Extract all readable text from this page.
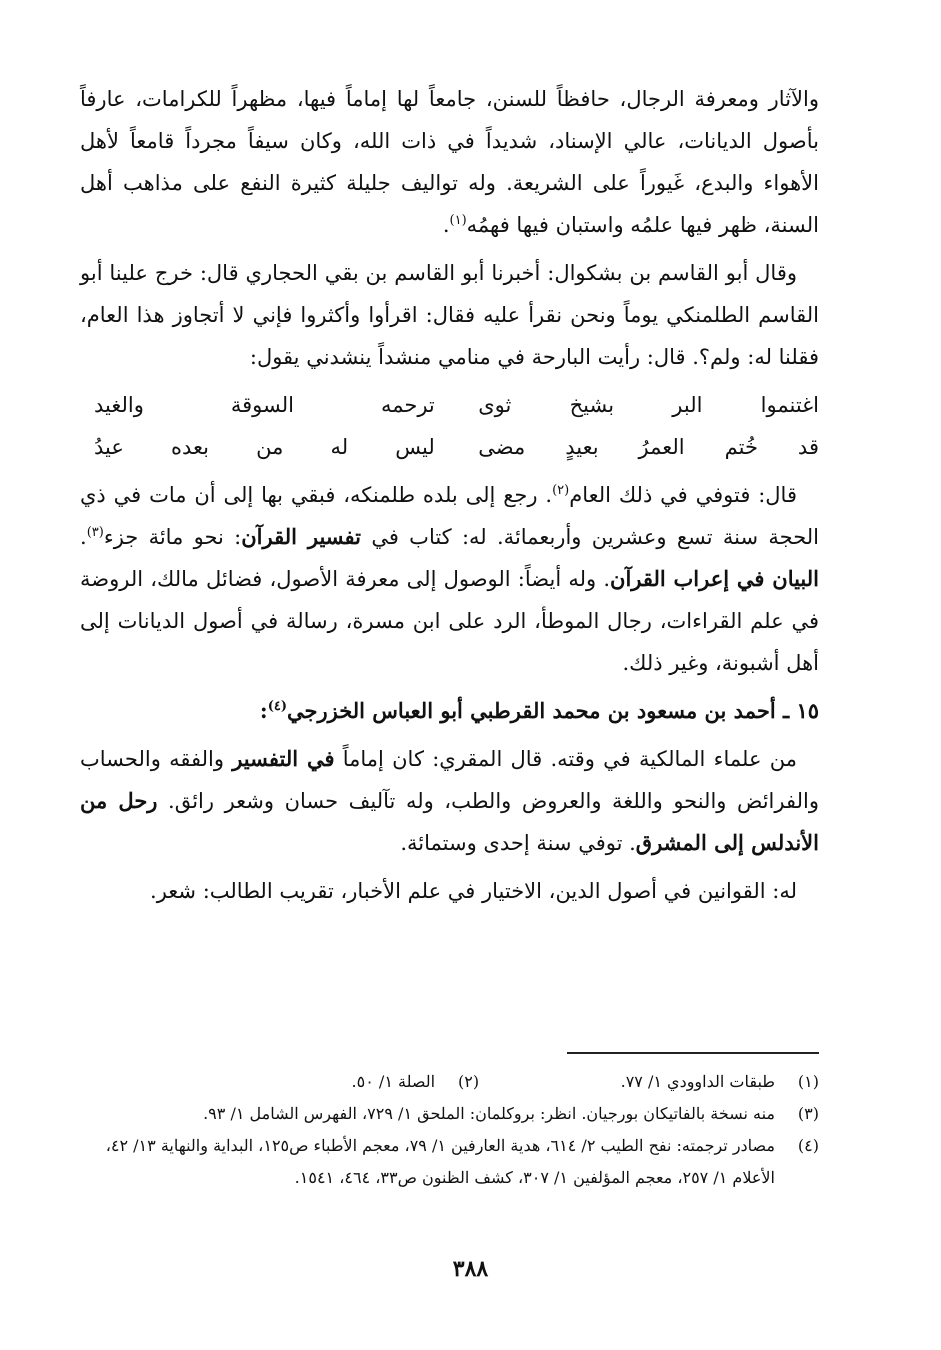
والآثار ومعرفة الرجال، حافظاً للسنن، جامعاً لها إماماً فيها، مظهراً للكرامات، عارفاً بأصول الديانات، عالي الإسناد، شديداً في ذات الله، وكان سيفاً مجرداً قامعاً لأهل الأهواء والبدع، غَيوراً على الشريعة. وله تواليف جليلة كثيرة النفع على مذاهب أهل السنة، ظهر فيها علمُه واستبان فيها فهمُه$^{(١)}$.

وقال أبو القاسم بن بشكوال: أخبرنا أبو القاسم بن بقي الحجاري قال: خرج علينا أبو القاسم الطلمنكي يوماً ونحن نقرأ عليه فقال: اقرأوا وأكثروا فإني لا أتجاوز هذا العام، فقلنا له: ولم؟. قال: رأيت البارحة في منامي منشداً ينشدني يقول:

اغتنموا البر بشيخ ثوى
ترحمه السوقة والغيد
قد خُتم العمرُ بعيدٍ مضى
ليس له من بعده عيدُ

قال: فتوفي في ذلك العام$^{(٢)}$. رجع إلى بلده طلمنكه، فبقي بها إلى أن مات في ذي الحجة سنة تسع وعشرين وأربعمائة. له: كتاب في تفسير القرآن: نحو مائة جزء$^{(٣)}$. البيان في إعراب القرآن. وله أيضاً: الوصول إلى معرفة الأصول، فضائل مالك، الروضة في علم القراءات، رجال الموطأ، الرد على ابن مسرة، رسالة في أصول الديانات إلى أهل أشبونة، وغير ذلك.

١٥ ـ أحمد بن مسعود بن محمد القرطبي أبو العباس الخزرجي$^{(٤)}$:

من علماء المالكية في وقته. قال المقري: كان إماماً في التفسير والفقه والحساب والفرائض والنحو واللغة والعروض والطب، وله تآليف حسان وشعر رائق. رحل من الأندلس إلى المشرق. توفي سنة إحدى وستمائة.

له: القوانين في أصول الدين، الاختيار في علم الأخبار، تقريب الطالب: شعر.

(١)
طبقات الداوودي ١/ ٧٧.
(٢)
الصلة ١/ ٥٠.
(٣)
منه نسخة بالفاتيكان بورجيان. انظر: بروكلمان: الملحق ١/ ٧٢٩، الفهرس الشامل ١/ ٩٣.
(٤)
مصادر ترجمته: نفح الطيب ٢/ ٦١٤، هدية العارفين ١/ ٧٩، معجم الأطباء ص١٢٥، البداية والنهاية ١٣/ ٤٢، الأعلام ١/ ٢٥٧، معجم المؤلفين ١/ ٣٠٧، كشف الظنون ص٣٣، ٤٦٤، ١٥٤١.
٣٨٨
